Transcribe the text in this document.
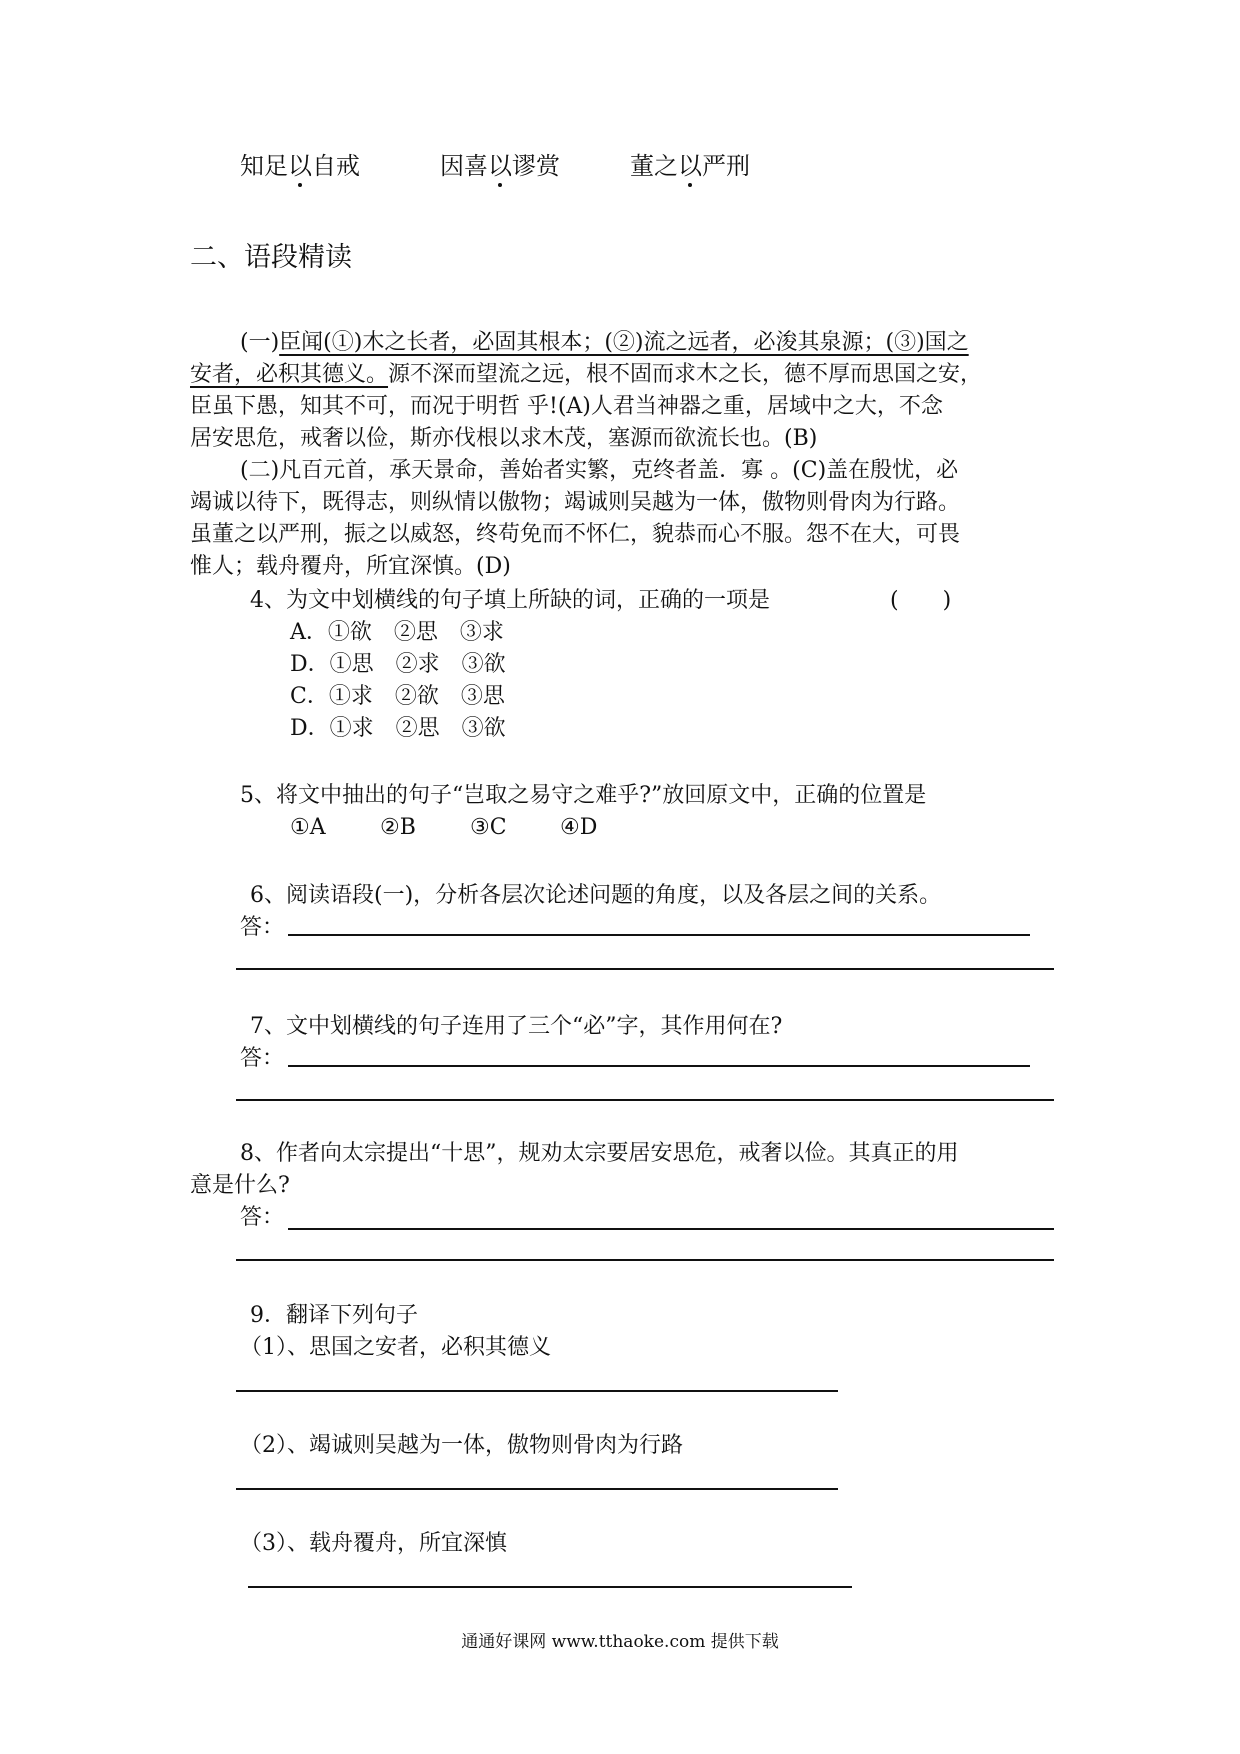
知足以自戒	因喜以谬赏	董之以严刑
二、语段精读
(一)臣闻(①)木之长者，必固其根本；(②)流之远者，必浚其泉源；(③)国之
安者，必积其德义。源不深而望流之远，根不固而求木之长，德不厚而思国之安，
臣虽下愚，知其不可，而况于明哲 乎!(A)人君当神器之重，居域中之大，不念
居安思危，戒奢以俭，斯亦伐根以求木茂，塞源而欲流长也。(B)
(二)凡百元首，承天景命，善始者实繁，克终者盖．寡 。(C)盖在殷忧，必
竭诚以待下，既得志，则纵情以傲物；竭诚则吴越为一体，傲物则骨肉为行路。
虽董之以严刑，振之以威怒，终苟免而不怀仁，貌恭而心不服。怨不在大，可畏
惟人；载舟覆舟，所宜深慎。(D)
4、为文中划横线的句子填上所缺的词，正确的一项是	(　　)
A．①欲　②思　③求
D．①思　②求　③欲
C．①求　②欲　③思
D．①求　②思　③欲
5、将文中抽出的句子“岂取之易守之难乎?”放回原文中，正确的位置是
①A ②B ③C ④D
6、阅读语段(一)，分析各层次论述问题的角度，以及各层之间的关系。
答：
7、文中划横线的句子连用了三个“必”字，其作用何在?
答：
8、作者向太宗提出“十思”，规劝太宗要居安思危，戒奢以俭。其真正的用
意是什么?
答：
9．翻译下列句子
（1）、思国之安者，必积其德义
（2）、竭诚则吴越为一体，傲物则骨肉为行路
（3）、载舟覆舟，所宜深慎
通通好课网 www.tthaoke.com 提供下载
